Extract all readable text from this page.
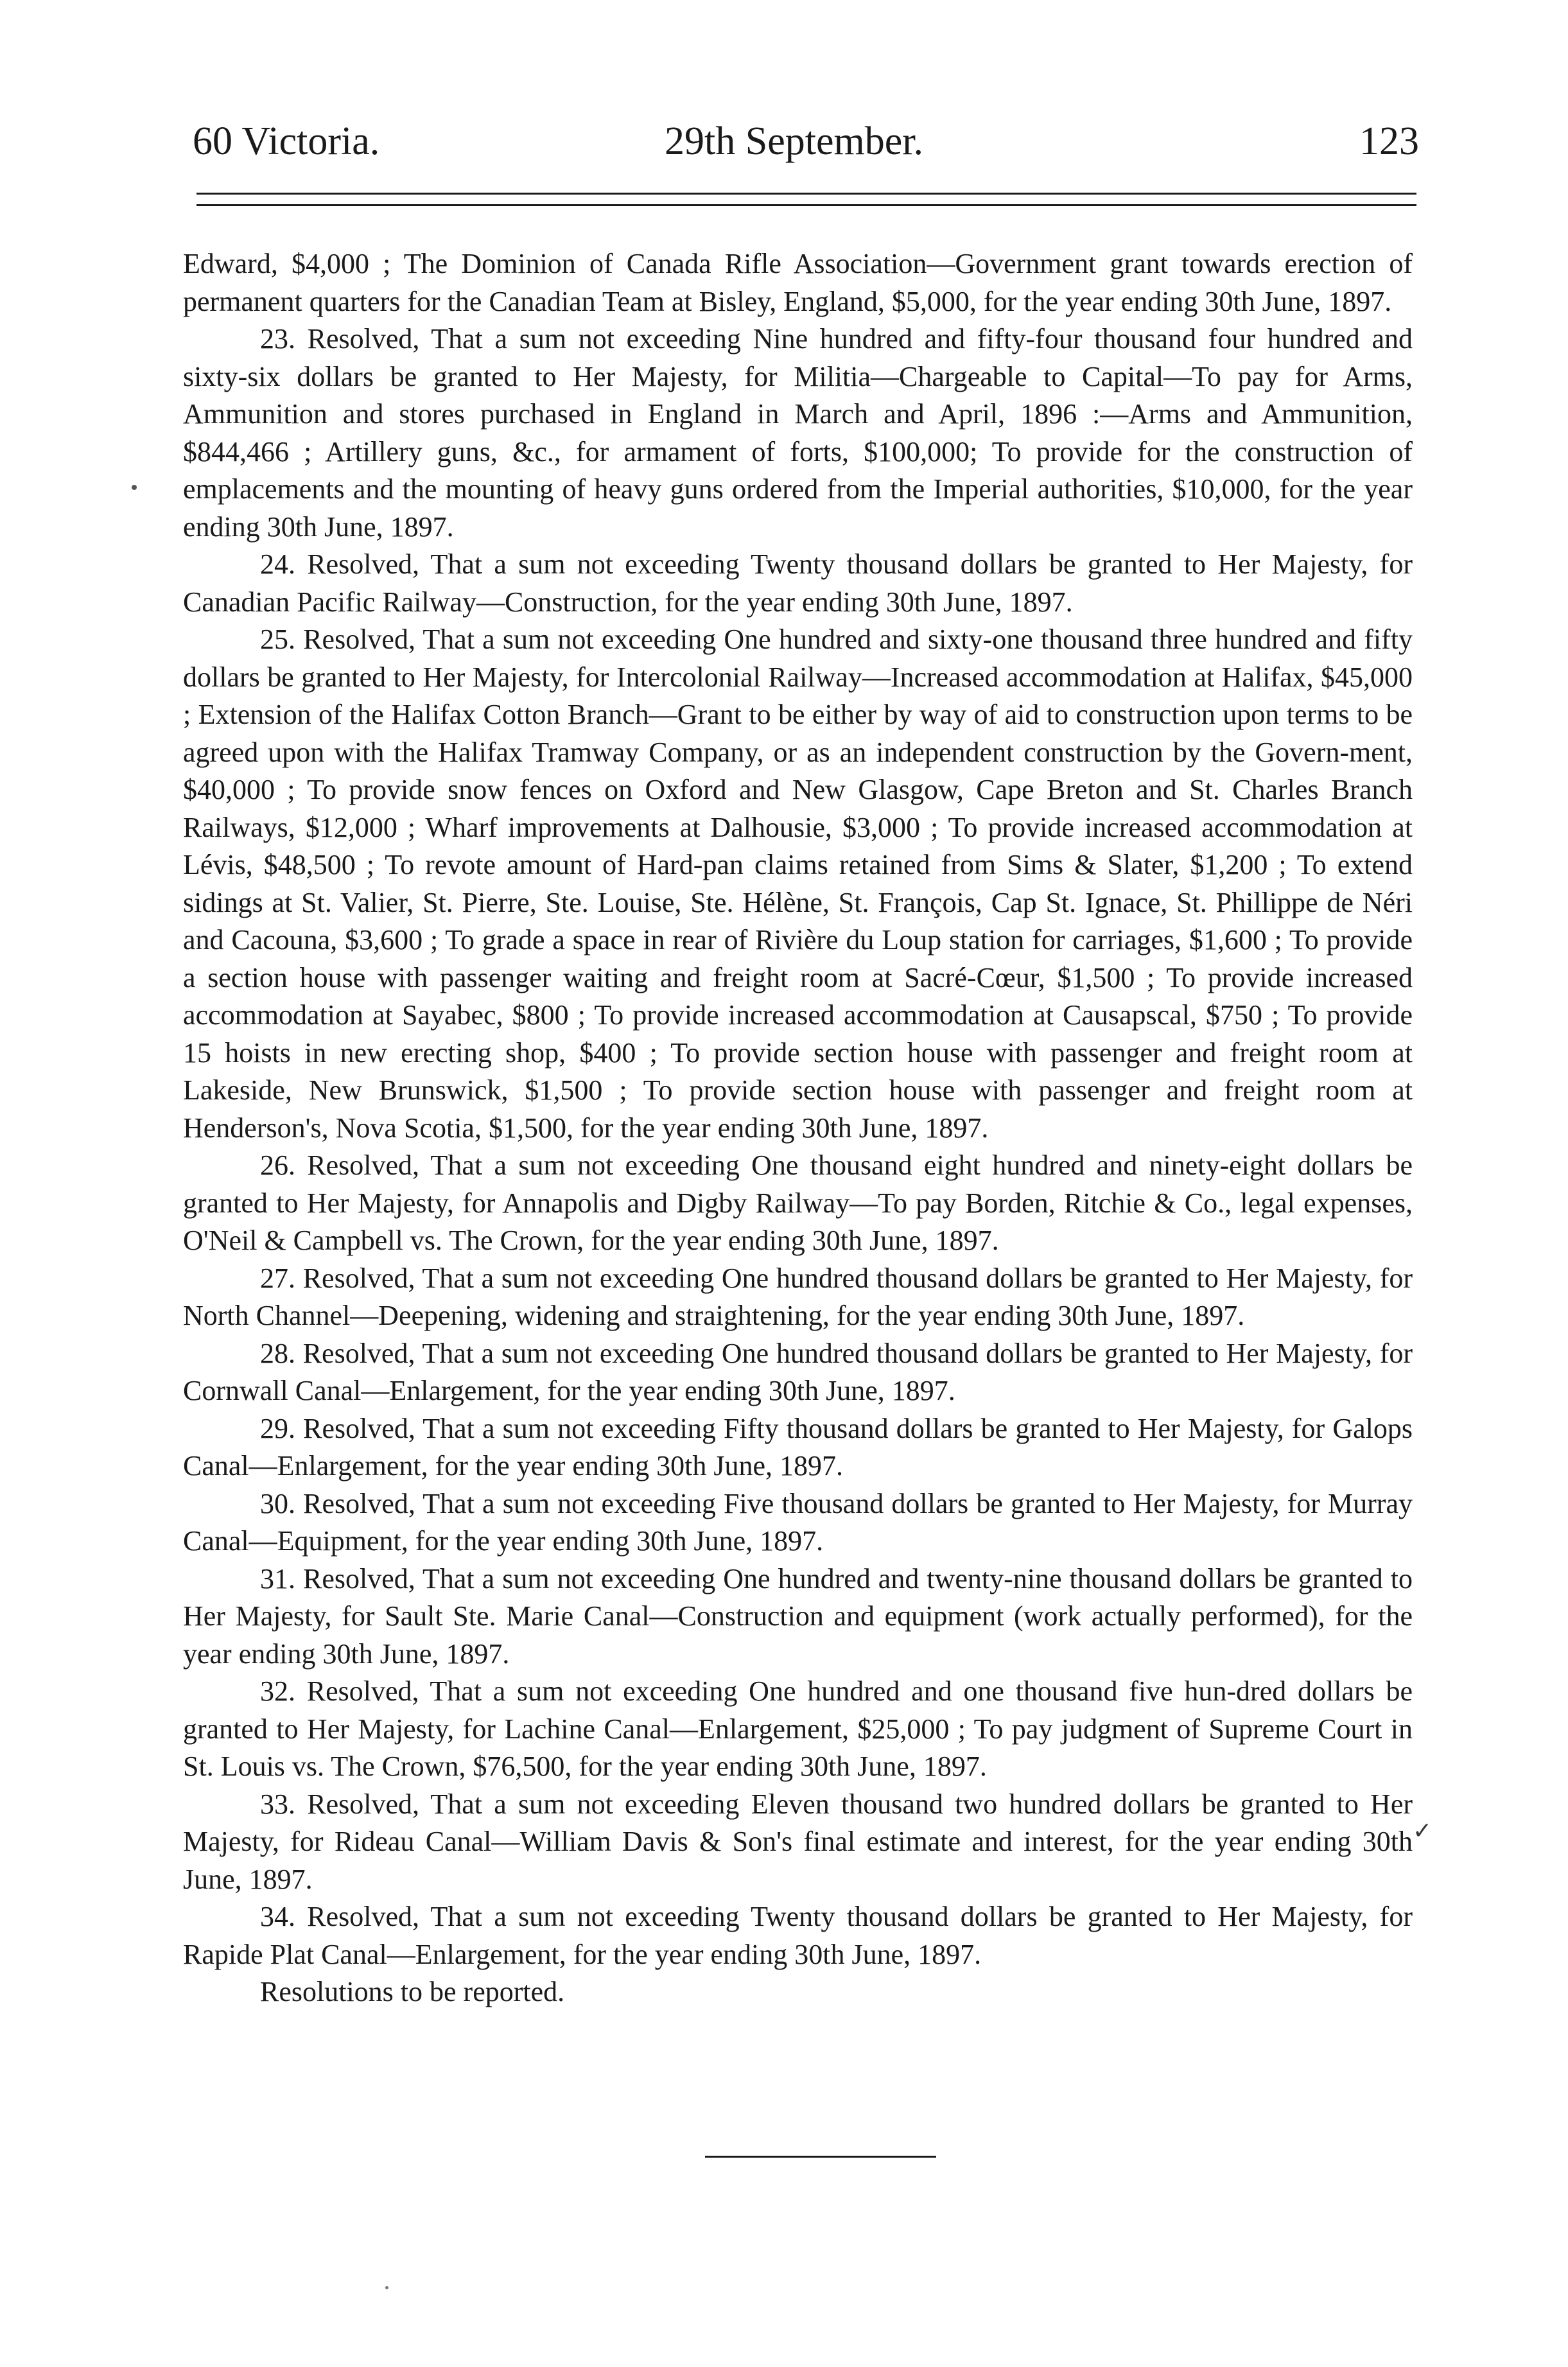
60 Victoria.	29th September.	123

Edward, $4,000 ; The Dominion of Canada Rifle Association—Government grant towards erection of permanent quarters for the Canadian Team at Bisley, England, $5,000, for the year ending 30th June, 1897.

23. Resolved, That a sum not exceeding Nine hundred and fifty-four thousand four hundred and sixty-six dollars be granted to Her Majesty, for Militia—Chargeable to Capital—To pay for Arms, Ammunition and stores purchased in England in March and April, 1896 :—Arms and Ammunition, $844,466 ; Artillery guns, &c., for armament of forts, $100,000; To provide for the construction of emplacements and the mounting of heavy guns ordered from the Imperial authorities, $10,000, for the year ending 30th June, 1897.

24. Resolved, That a sum not exceeding Twenty thousand dollars be granted to Her Majesty, for Canadian Pacific Railway—Construction, for the year ending 30th June, 1897.

25. Resolved, That a sum not exceeding One hundred and sixty-one thousand three hundred and fifty dollars be granted to Her Majesty, for Intercolonial Railway—Increased accommodation at Halifax, $45,000 ; Extension of the Halifax Cotton Branch—Grant to be either by way of aid to construction upon terms to be agreed upon with the Halifax Tramway Company, or as an independent construction by the Govern-ment, $40,000 ; To provide snow fences on Oxford and New Glasgow, Cape Breton and St. Charles Branch Railways, $12,000 ; Wharf improvements at Dalhousie, $3,000 ; To provide increased accommodation at Lévis, $48,500 ; To revote amount of Hard-pan claims retained from Sims & Slater, $1,200 ; To extend sidings at St. Valier, St. Pierre, Ste. Louise, Ste. Hélène, St. François, Cap St. Ignace, St. Phillippe de Néri and Cacouna, $3,600 ; To grade a space in rear of Rivière du Loup station for carriages, $1,600 ; To provide a section house with passenger waiting and freight room at Sacré-Cœur, $1,500 ; To provide increased accommodation at Sayabec, $800 ; To provide increased accommodation at Causapscal, $750 ; To provide 15 hoists in new erecting shop, $400 ; To provide section house with passenger and freight room at Lakeside, New Brunswick, $1,500 ; To provide section house with passenger and freight room at Henderson's, Nova Scotia, $1,500, for the year ending 30th June, 1897.

26. Resolved, That a sum not exceeding One thousand eight hundred and ninety-eight dollars be granted to Her Majesty, for Annapolis and Digby Railway—To pay Borden, Ritchie & Co., legal expenses, O'Neil & Campbell vs. The Crown, for the year ending 30th June, 1897.

27. Resolved, That a sum not exceeding One hundred thousand dollars be granted to Her Majesty, for North Channel—Deepening, widening and straightening, for the year ending 30th June, 1897.

28. Resolved, That a sum not exceeding One hundred thousand dollars be granted to Her Majesty, for Cornwall Canal—Enlargement, for the year ending 30th June, 1897.

29. Resolved, That a sum not exceeding Fifty thousand dollars be granted to Her Majesty, for Galops Canal—Enlargement, for the year ending 30th June, 1897.

30. Resolved, That a sum not exceeding Five thousand dollars be granted to Her Majesty, for Murray Canal—Equipment, for the year ending 30th June, 1897.

31. Resolved, That a sum not exceeding One hundred and twenty-nine thousand dollars be granted to Her Majesty, for Sault Ste. Marie Canal—Construction and equipment (work actually performed), for the year ending 30th June, 1897.

32. Resolved, That a sum not exceeding One hundred and one thousand five hun-dred dollars be granted to Her Majesty, for Lachine Canal—Enlargement, $25,000 ; To pay judgment of Supreme Court in St. Louis vs. The Crown, $76,500, for the year ending 30th June, 1897.

33. Resolved, That a sum not exceeding Eleven thousand two hundred dollars be granted to Her Majesty, for Rideau Canal—William Davis & Son's final estimate and interest, for the year ending 30th June, 1897.

34. Resolved, That a sum not exceeding Twenty thousand dollars be granted to Her Majesty, for Rapide Plat Canal—Enlargement, for the year ending 30th June, 1897.

Resolutions to be reported.

✓
